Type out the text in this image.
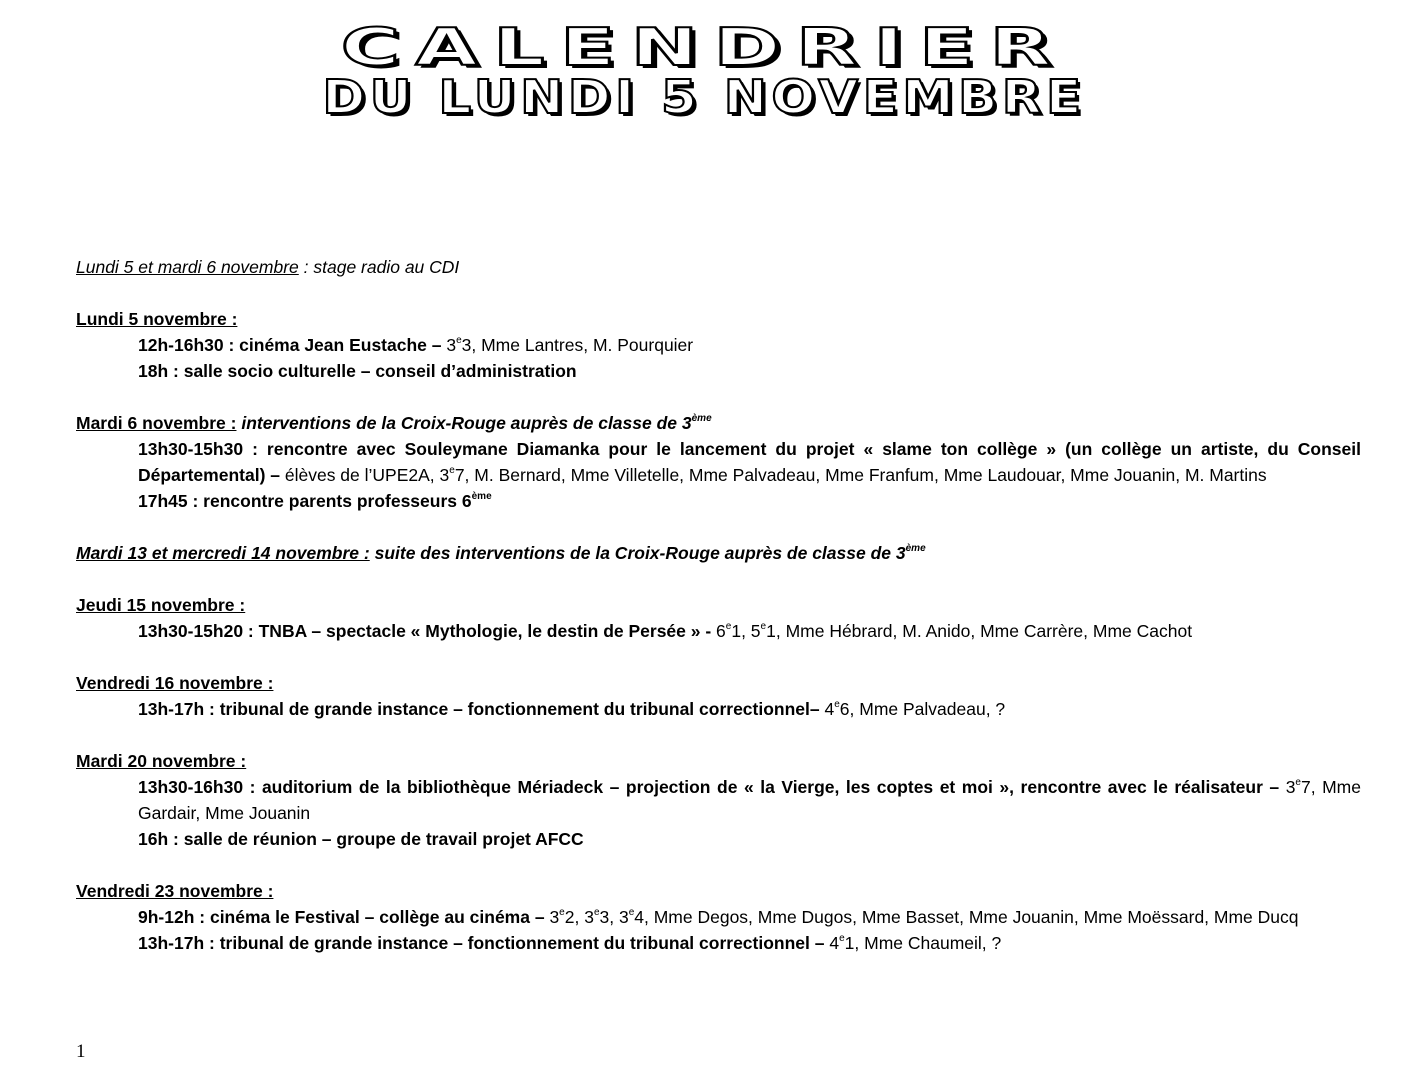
CALENDRIER
DU LUNDI 5 NOVEMBRE
Lundi 5 et mardi 6 novembre : stage radio au CDI
Lundi 5 novembre :
12h-16h30 : cinéma Jean Eustache – 3e3, Mme Lantres, M. Pourquier
18h : salle socio culturelle – conseil d’administration
Mardi 6 novembre : interventions de la Croix-Rouge auprès de classe de 3ème
13h30-15h30 : rencontre avec Souleymane Diamanka pour le lancement du projet « slame ton collège » (un collège un artiste, du Conseil Départemental) – élèves de l’UPE2A, 3e7, M. Bernard, Mme Villetelle, Mme Palvadeau, Mme Franfum, Mme Laudouar, Mme Jouanin, M. Martins
17h45 : rencontre parents professeurs 6ème
Mardi 13 et mercredi 14 novembre : suite des interventions de la Croix-Rouge auprès de classe de 3ème
Jeudi 15 novembre :
13h30-15h20 : TNBA – spectacle « Mythologie, le destin de Persée » - 6e1, 5e1, Mme Hébrard, M. Anido, Mme Carrère, Mme Cachot
Vendredi 16 novembre :
13h-17h : tribunal de grande instance – fonctionnement du tribunal correctionnel– 4e6, Mme Palvadeau, ?
Mardi 20 novembre :
13h30-16h30 : auditorium de la bibliothèque Mériadeck – projection de « la Vierge, les coptes et moi », rencontre avec le réalisateur – 3e7, Mme Gardair, Mme Jouanin
16h : salle de réunion – groupe de travail projet AFCC
Vendredi 23 novembre :
9h-12h : cinéma le Festival – collège au cinéma – 3e2, 3e3, 3e4, Mme Degos, Mme Dugos, Mme Basset, Mme Jouanin, Mme Moëssard, Mme Ducq
13h-17h : tribunal de grande instance – fonctionnement du tribunal correctionnel – 4e1, Mme Chaumeil, ?
1
